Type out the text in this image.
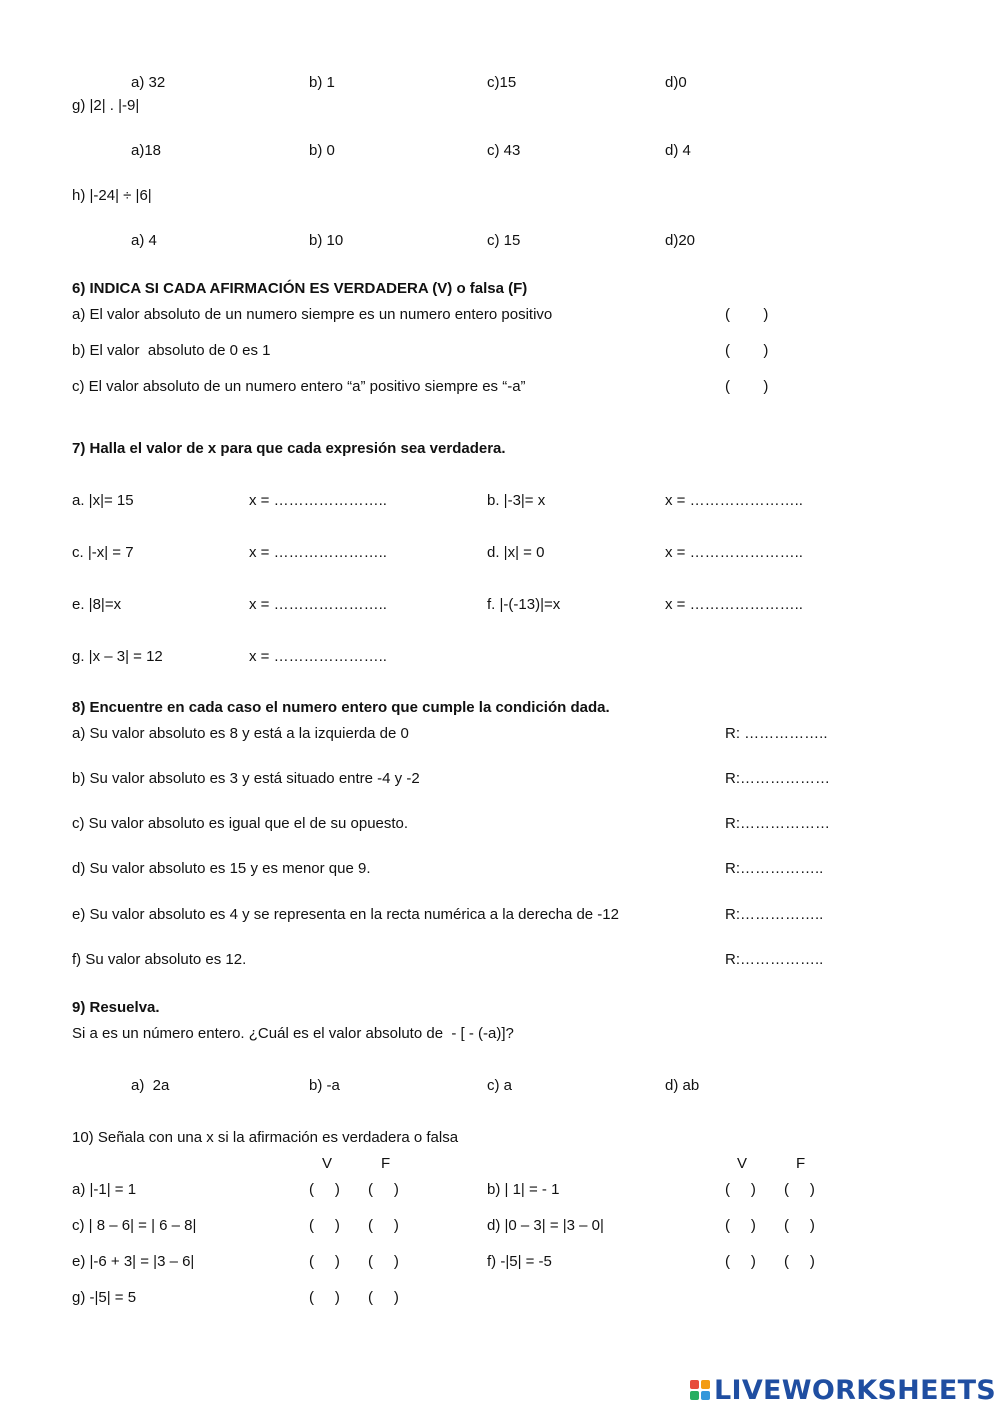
a) 32	b) 1	c)15	d)0
g) |2| . |-9|
a)18	b) 0	c) 43	d) 4
h) |-24| ÷ |6|
a) 4	b) 10	c) 15	d)20
6) INDICA SI CADA AFIRMACIÓN ES VERDADERA (V) o falsa (F)
a) El valor absoluto de un numero siempre es un numero entero positivo	(        )
b) El valor  absoluto de 0 es 1	(        )
c) El valor absoluto de un numero entero “a” positivo siempre es “-a”	(        )
7) Halla el valor de x para que cada expresión sea verdadera.
a. |x|= 15	x = …………………..	b. |-3|= x	x = …………………..
c. |-x| = 7	x = …………………..	d. |x| = 0	x = …………………..
e. |8|=x	x = …………………..	f. |-(-13)|=x	x = …………………..
g. |x – 3| = 12	x = …………………..
8) Encuentre en cada caso el numero entero que cumple la condición dada.
a) Su valor absoluto es 8 y está a la izquierda de 0	R: ……………..
b) Su valor absoluto es 3 y está situado entre -4 y -2	R:………………
c) Su valor absoluto es igual que el de su opuesto.	R:………………
d) Su valor absoluto es 15 y es menor que 9.	R:……………..
e) Su valor absoluto es 4 y se representa en la recta numérica a la derecha de -12	R:……………..
f) Su valor absoluto es 12.	R:……………..
9) Resuelva.
Si a es un número entero. ¿Cuál es el valor absoluto de  - [ - (-a)]?
a)  2a	b) -a	c) a	d) ab
10) Señala con una x si la afirmación es verdadera o falsa
V	F	V	F
a) |-1| = 1	(     ) (     )	b) | 1| = - 1	(     ) (     )
c) | 8 – 6| = | 6 – 8|	(     ) (     )	d) |0 – 3| = |3 – 0|	(     ) (     )
e) |-6 + 3| = |3 – 6|	(     ) (     )	f) -|5| = -5	(     ) (     )
g) -|5| = 5	(     ) (     )
LIVEWORKSHEETS
